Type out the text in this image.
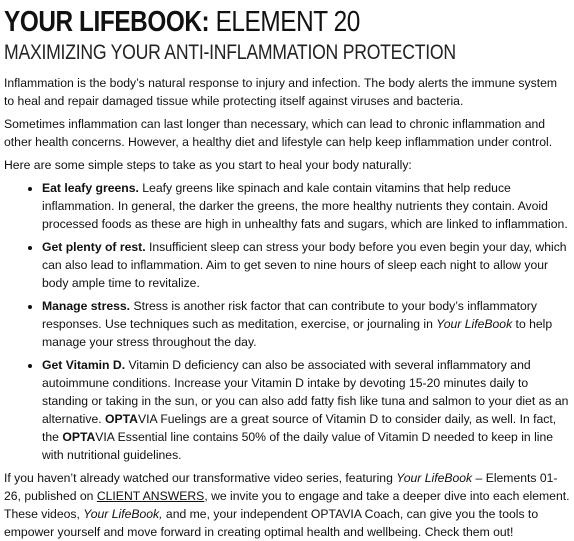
YOUR LIFEBOOK: ELEMENT 20
MAXIMIZING YOUR ANTI-INFLAMMATION PROTECTION

Inflammation is the body’s natural response to injury and infection. The body alerts the immune system to heal and repair damaged tissue while protecting itself against viruses and bacteria.

Sometimes inflammation can last longer than necessary, which can lead to chronic inflammation and other health concerns. However, a healthy diet and lifestyle can help keep inflammation under control.

Here are some simple steps to take as you start to heal your body naturally:

• Eat leafy greens. Leafy greens like spinach and kale contain vitamins that help reduce inflammation. In general, the darker the greens, the more healthy nutrients they contain. Avoid processed foods as these are high in unhealthy fats and sugars, which are linked to inflammation.
• Get plenty of rest. Insufficient sleep can stress your body before you even begin your day, which can also lead to inflammation. Aim to get seven to nine hours of sleep each night to allow your body ample time to revitalize.
• Manage stress. Stress is another risk factor that can contribute to your body’s inflammatory responses. Use techniques such as meditation, exercise, or journaling in Your LifeBook to help manage your stress throughout the day.
• Get Vitamin D. Vitamin D deficiency can also be associated with several inflammatory and autoimmune conditions. Increase your Vitamin D intake by devoting 15-20 minutes daily to standing or taking in the sun, or you can also add fatty fish like tuna and salmon to your diet as an alternative. OPTAVIA Fuelings are a great source of Vitamin D to consider daily, as well. In fact, the OPTAVIA Essential line contains 50% of the daily value of Vitamin D needed to keep in line with nutritional guidelines.

If you haven’t already watched our transformative video series, featuring Your LifeBook – Elements 01-26, published on CLIENT ANSWERS, we invite you to engage and take a deeper dive into each element. These videos, Your LifeBook, and me, your independent OPTAVIA Coach, can give you the tools to empower yourself and move forward in creating optimal health and wellbeing. Check them out!
